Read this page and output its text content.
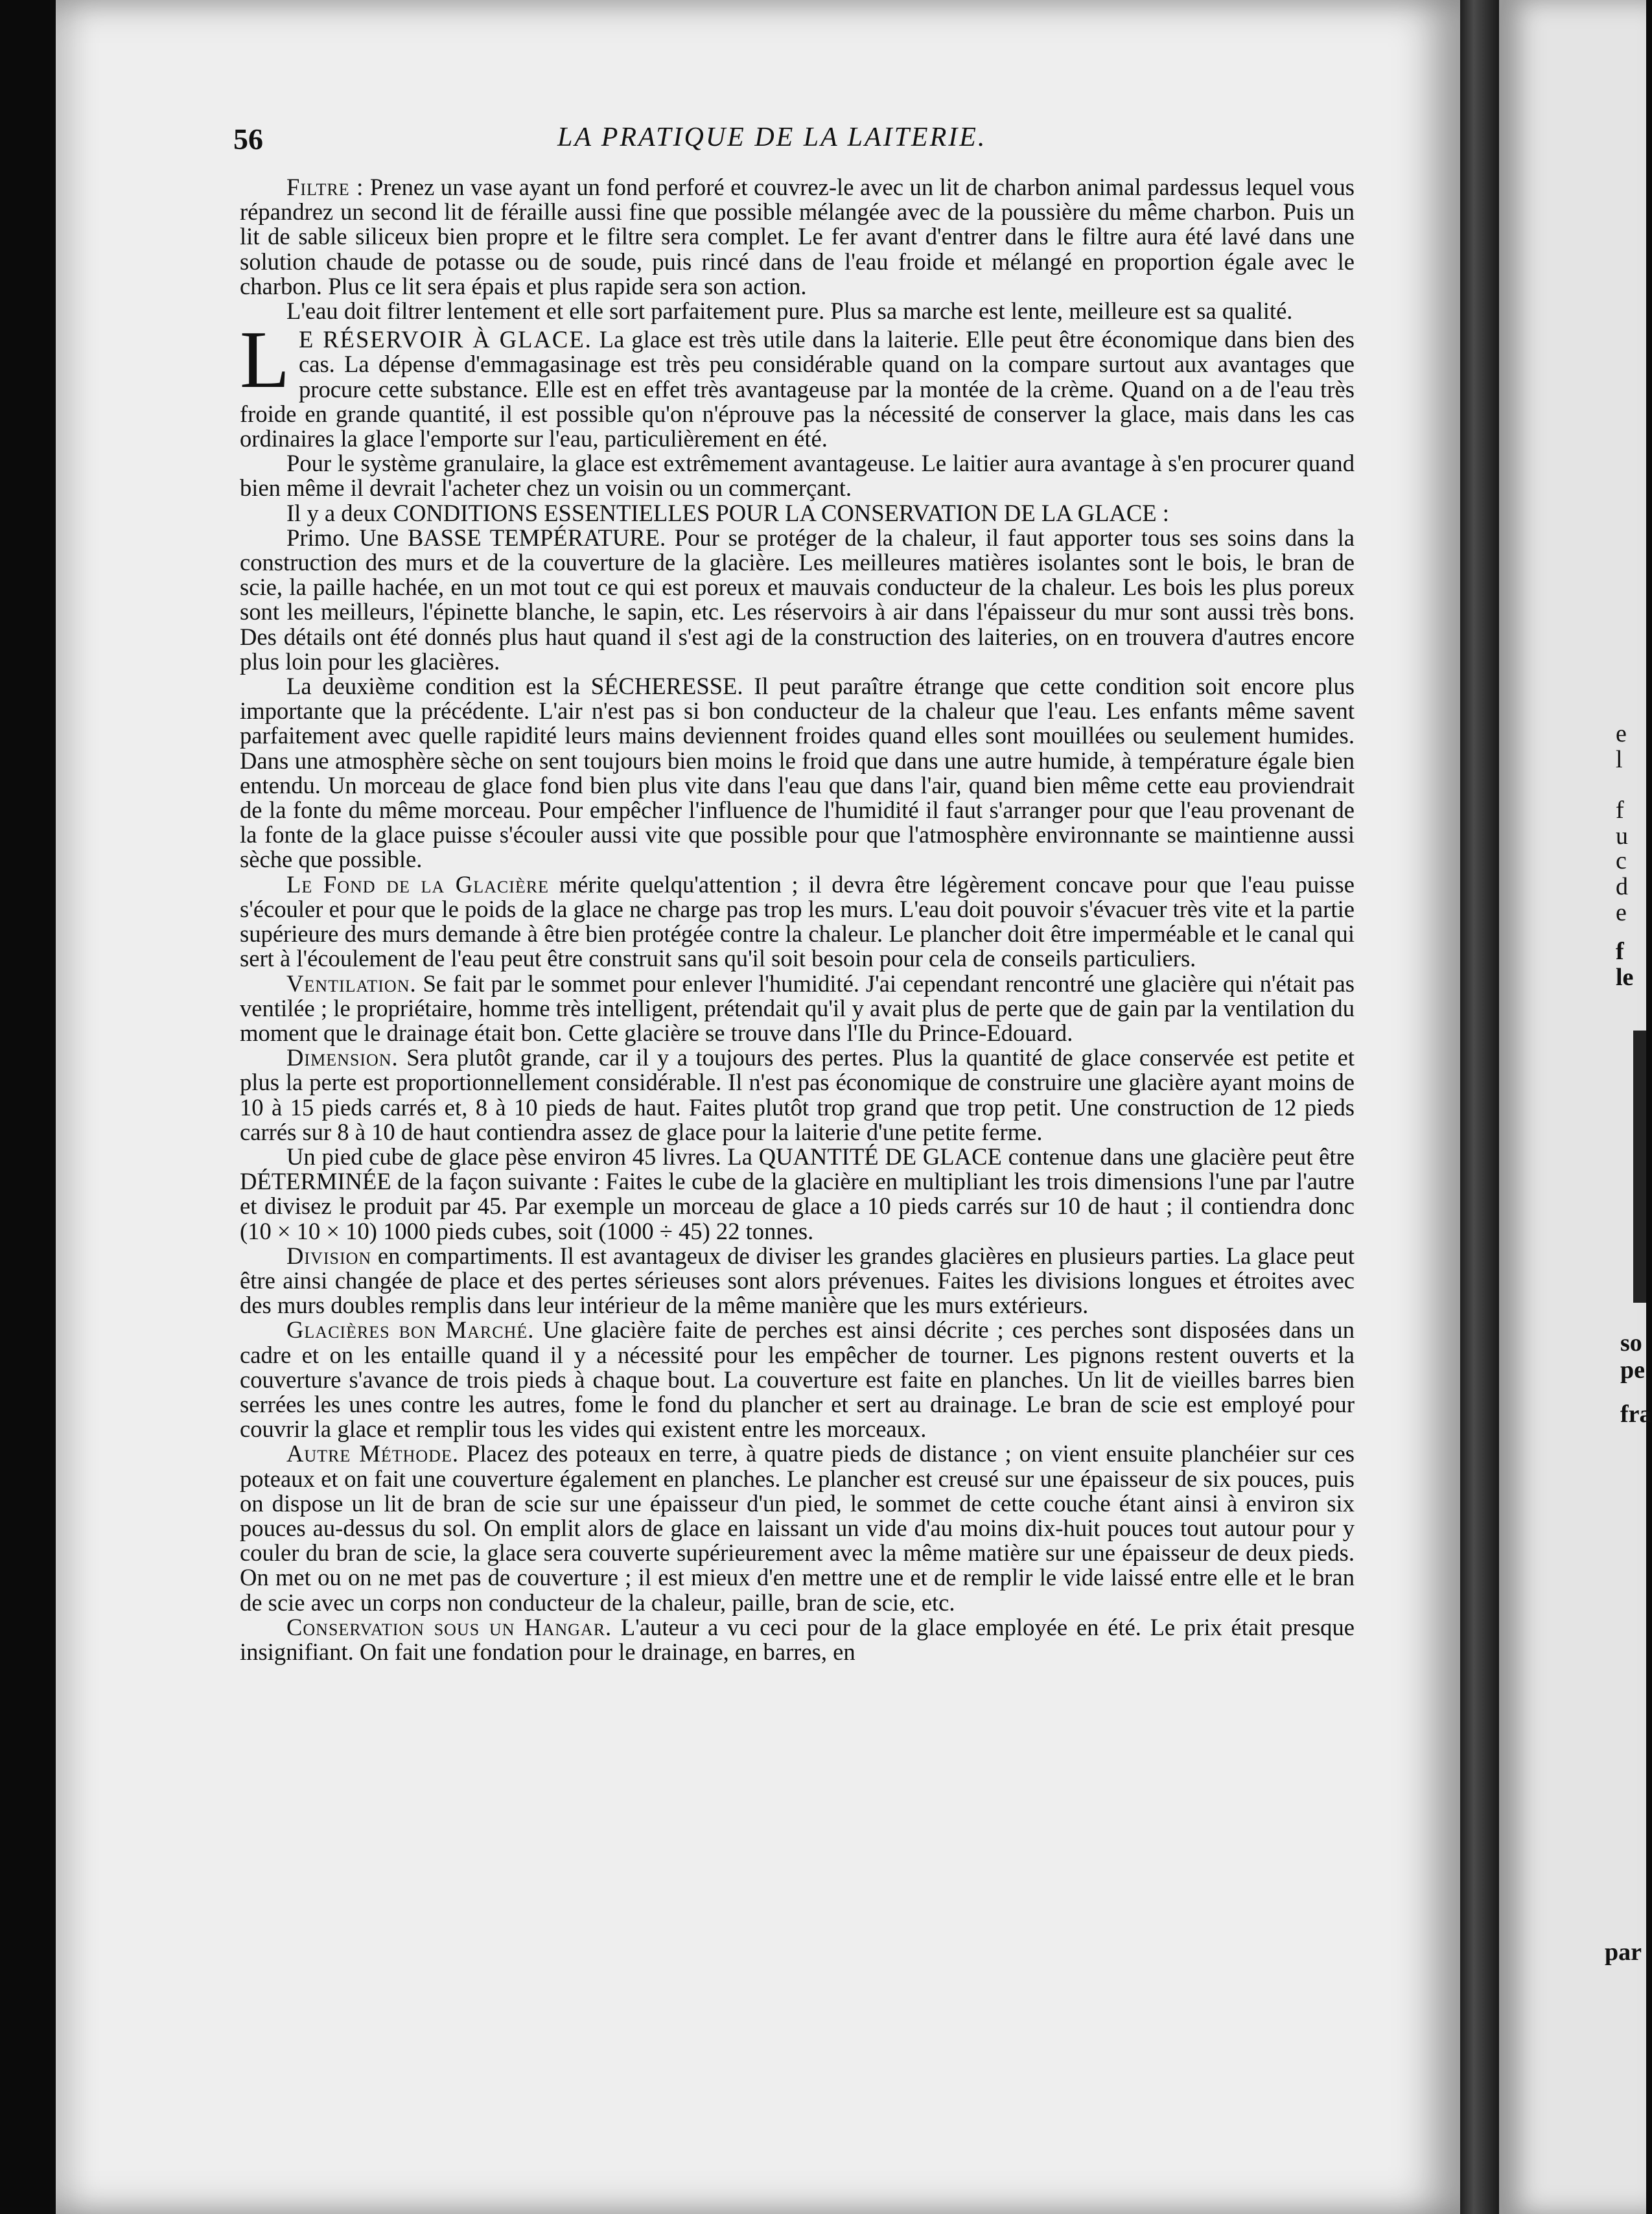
e
l
f
u
c
d
e
f
le
so
pe
fra
par
56	LA PRATIQUE DE LA LAITERIE.

Filtre : Prenez un vase ayant un fond perforé et couvrez-le avec un lit de charbon animal pardessus lequel vous répandrez un second lit de féraille aussi fine que possible mélangée avec de la poussière du même charbon. Puis un lit de sable siliceux bien propre et le filtre sera complet. Le fer avant d'entrer dans le filtre aura été lavé dans une solution chaude de potasse ou de soude, puis rincé dans de l'eau froide et mélangé en proportion égale avec le charbon. Plus ce lit sera épais et plus rapide sera son action.

L'eau doit filtrer lentement et elle sort parfaitement pure. Plus sa marche est lente, meilleure est sa qualité.

L E RÉSERVOIR À GLACE. La glace est très utile dans la laiterie. Elle peut être économique dans bien des cas. La dépense d'emmagasinage est très peu considérable quand on la compare surtout aux avantages que procure cette substance. Elle est en effet très avantageuse par la montée de la crème. Quand on a de l'eau très froide en grande quantité, il est possible qu'on n'éprouve pas la nécessité de conserver la glace, mais dans les cas ordinaires la glace l'emporte sur l'eau, particulièrement en été.

Pour le système granulaire, la glace est extrêmement avantageuse. Le laitier aura avantage à s'en procurer quand bien même il devrait l'acheter chez un voisin ou un commerçant.

Il y a deux CONDITIONS ESSENTIELLES POUR LA CONSERVATION DE LA GLACE :

Primo. Une BASSE TEMPÉRATURE. Pour se protéger de la chaleur, il faut apporter tous ses soins dans la construction des murs et de la couverture de la glacière. Les meilleures matières isolantes sont le bois, le bran de scie, la paille hachée, en un mot tout ce qui est poreux et mauvais conducteur de la chaleur. Les bois les plus poreux sont les meilleurs, l'épinette blanche, le sapin, etc. Les réservoirs à air dans l'épaisseur du mur sont aussi très bons. Des détails ont été donnés plus haut quand il s'est agi de la construction des laiteries, on en trouvera d'autres encore plus loin pour les glacières.

La deuxième condition est la SÉCHERESSE. Il peut paraître étrange que cette condition soit encore plus importante que la précédente. L'air n'est pas si bon conducteur de la chaleur que l'eau. Les enfants même savent parfaitement avec quelle rapidité leurs mains deviennent froides quand elles sont mouillées ou seulement humides. Dans une atmosphère sèche on sent toujours bien moins le froid que dans une autre humide, à température égale bien entendu. Un morceau de glace fond bien plus vite dans l'eau que dans l'air, quand bien même cette eau proviendrait de la fonte du même morceau. Pour empêcher l'influence de l'humidité il faut s'arranger pour que l'eau provenant de la fonte de la glace puisse s'écouler aussi vite que possible pour que l'atmosphère environnante se maintienne aussi sèche que possible.

Le Fond de la Glacière mérite quelqu'attention ; il devra être légèrement concave pour que l'eau puisse s'écouler et pour que le poids de la glace ne charge pas trop les murs. L'eau doit pouvoir s'évacuer très vite et la partie supérieure des murs demande à être bien protégée contre la chaleur. Le plancher doit être imperméable et le canal qui sert à l'écoulement de l'eau peut être construit sans qu'il soit besoin pour cela de conseils particuliers.

Ventilation. Se fait par le sommet pour enlever l'humidité. J'ai cependant rencontré une glacière qui n'était pas ventilée ; le propriétaire, homme très intelligent, prétendait qu'il y avait plus de perte que de gain par la ventilation du moment que le drainage était bon. Cette glacière se trouve dans l'Ile du Prince-Edouard.

Dimension. Sera plutôt grande, car il y a toujours des pertes. Plus la quantité de glace conservée est petite et plus la perte est proportionnellement considérable. Il n'est pas économique de construire une glacière ayant moins de 10 à 15 pieds carrés et, 8 à 10 pieds de haut. Faites plutôt trop grand que trop petit. Une construction de 12 pieds carrés sur 8 à 10 de haut contiendra assez de glace pour la laiterie d'une petite ferme.

Un pied cube de glace pèse environ 45 livres. La QUANTITÉ DE GLACE contenue dans une glacière peut être DÉTERMINÉE de la façon suivante : Faites le cube de la glacière en multipliant les trois dimensions l'une par l'autre et divisez le produit par 45. Par exemple un morceau de glace a 10 pieds carrés sur 10 de haut ; il contiendra donc (10 × 10 × 10) 1000 pieds cubes, soit (1000 ÷ 45) 22 tonnes.

Division en compartiments. Il est avantageux de diviser les grandes glacières en plusieurs parties. La glace peut être ainsi changée de place et des pertes sérieuses sont alors prévenues. Faites les divisions longues et étroites avec des murs doubles remplis dans leur intérieur de la même manière que les murs extérieurs.

Glacières bon Marché. Une glacière faite de perches est ainsi décrite ; ces perches sont disposées dans un cadre et on les entaille quand il y a nécessité pour les empêcher de tourner. Les pignons restent ouverts et la couverture s'avance de trois pieds à chaque bout. La couverture est faite en planches. Un lit de vieilles barres bien serrées les unes contre les autres, fome le fond du plancher et sert au drainage. Le bran de scie est employé pour couvrir la glace et remplir tous les vides qui existent entre les morceaux.

Autre Méthode. Placez des poteaux en terre, à quatre pieds de distance ; on vient ensuite planchéier sur ces poteaux et on fait une couverture également en planches. Le plancher est creusé sur une épaisseur de six pouces, puis on dispose un lit de bran de scie sur une épaisseur d'un pied, le sommet de cette couche étant ainsi à environ six pouces au-dessus du sol. On emplit alors de glace en laissant un vide d'au moins dix-huit pouces tout autour pour y couler du bran de scie, la glace sera couverte supérieurement avec la même matière sur une épaisseur de deux pieds. On met ou on ne met pas de couverture ; il est mieux d'en mettre une et de remplir le vide laissé entre elle et le bran de scie avec un corps non conducteur de la chaleur, paille, bran de scie, etc.

Conservation sous un Hangar. L'auteur a vu ceci pour de la glace employée en été. Le prix était presque insignifiant. On fait une fondation pour le drainage, en barres, en
